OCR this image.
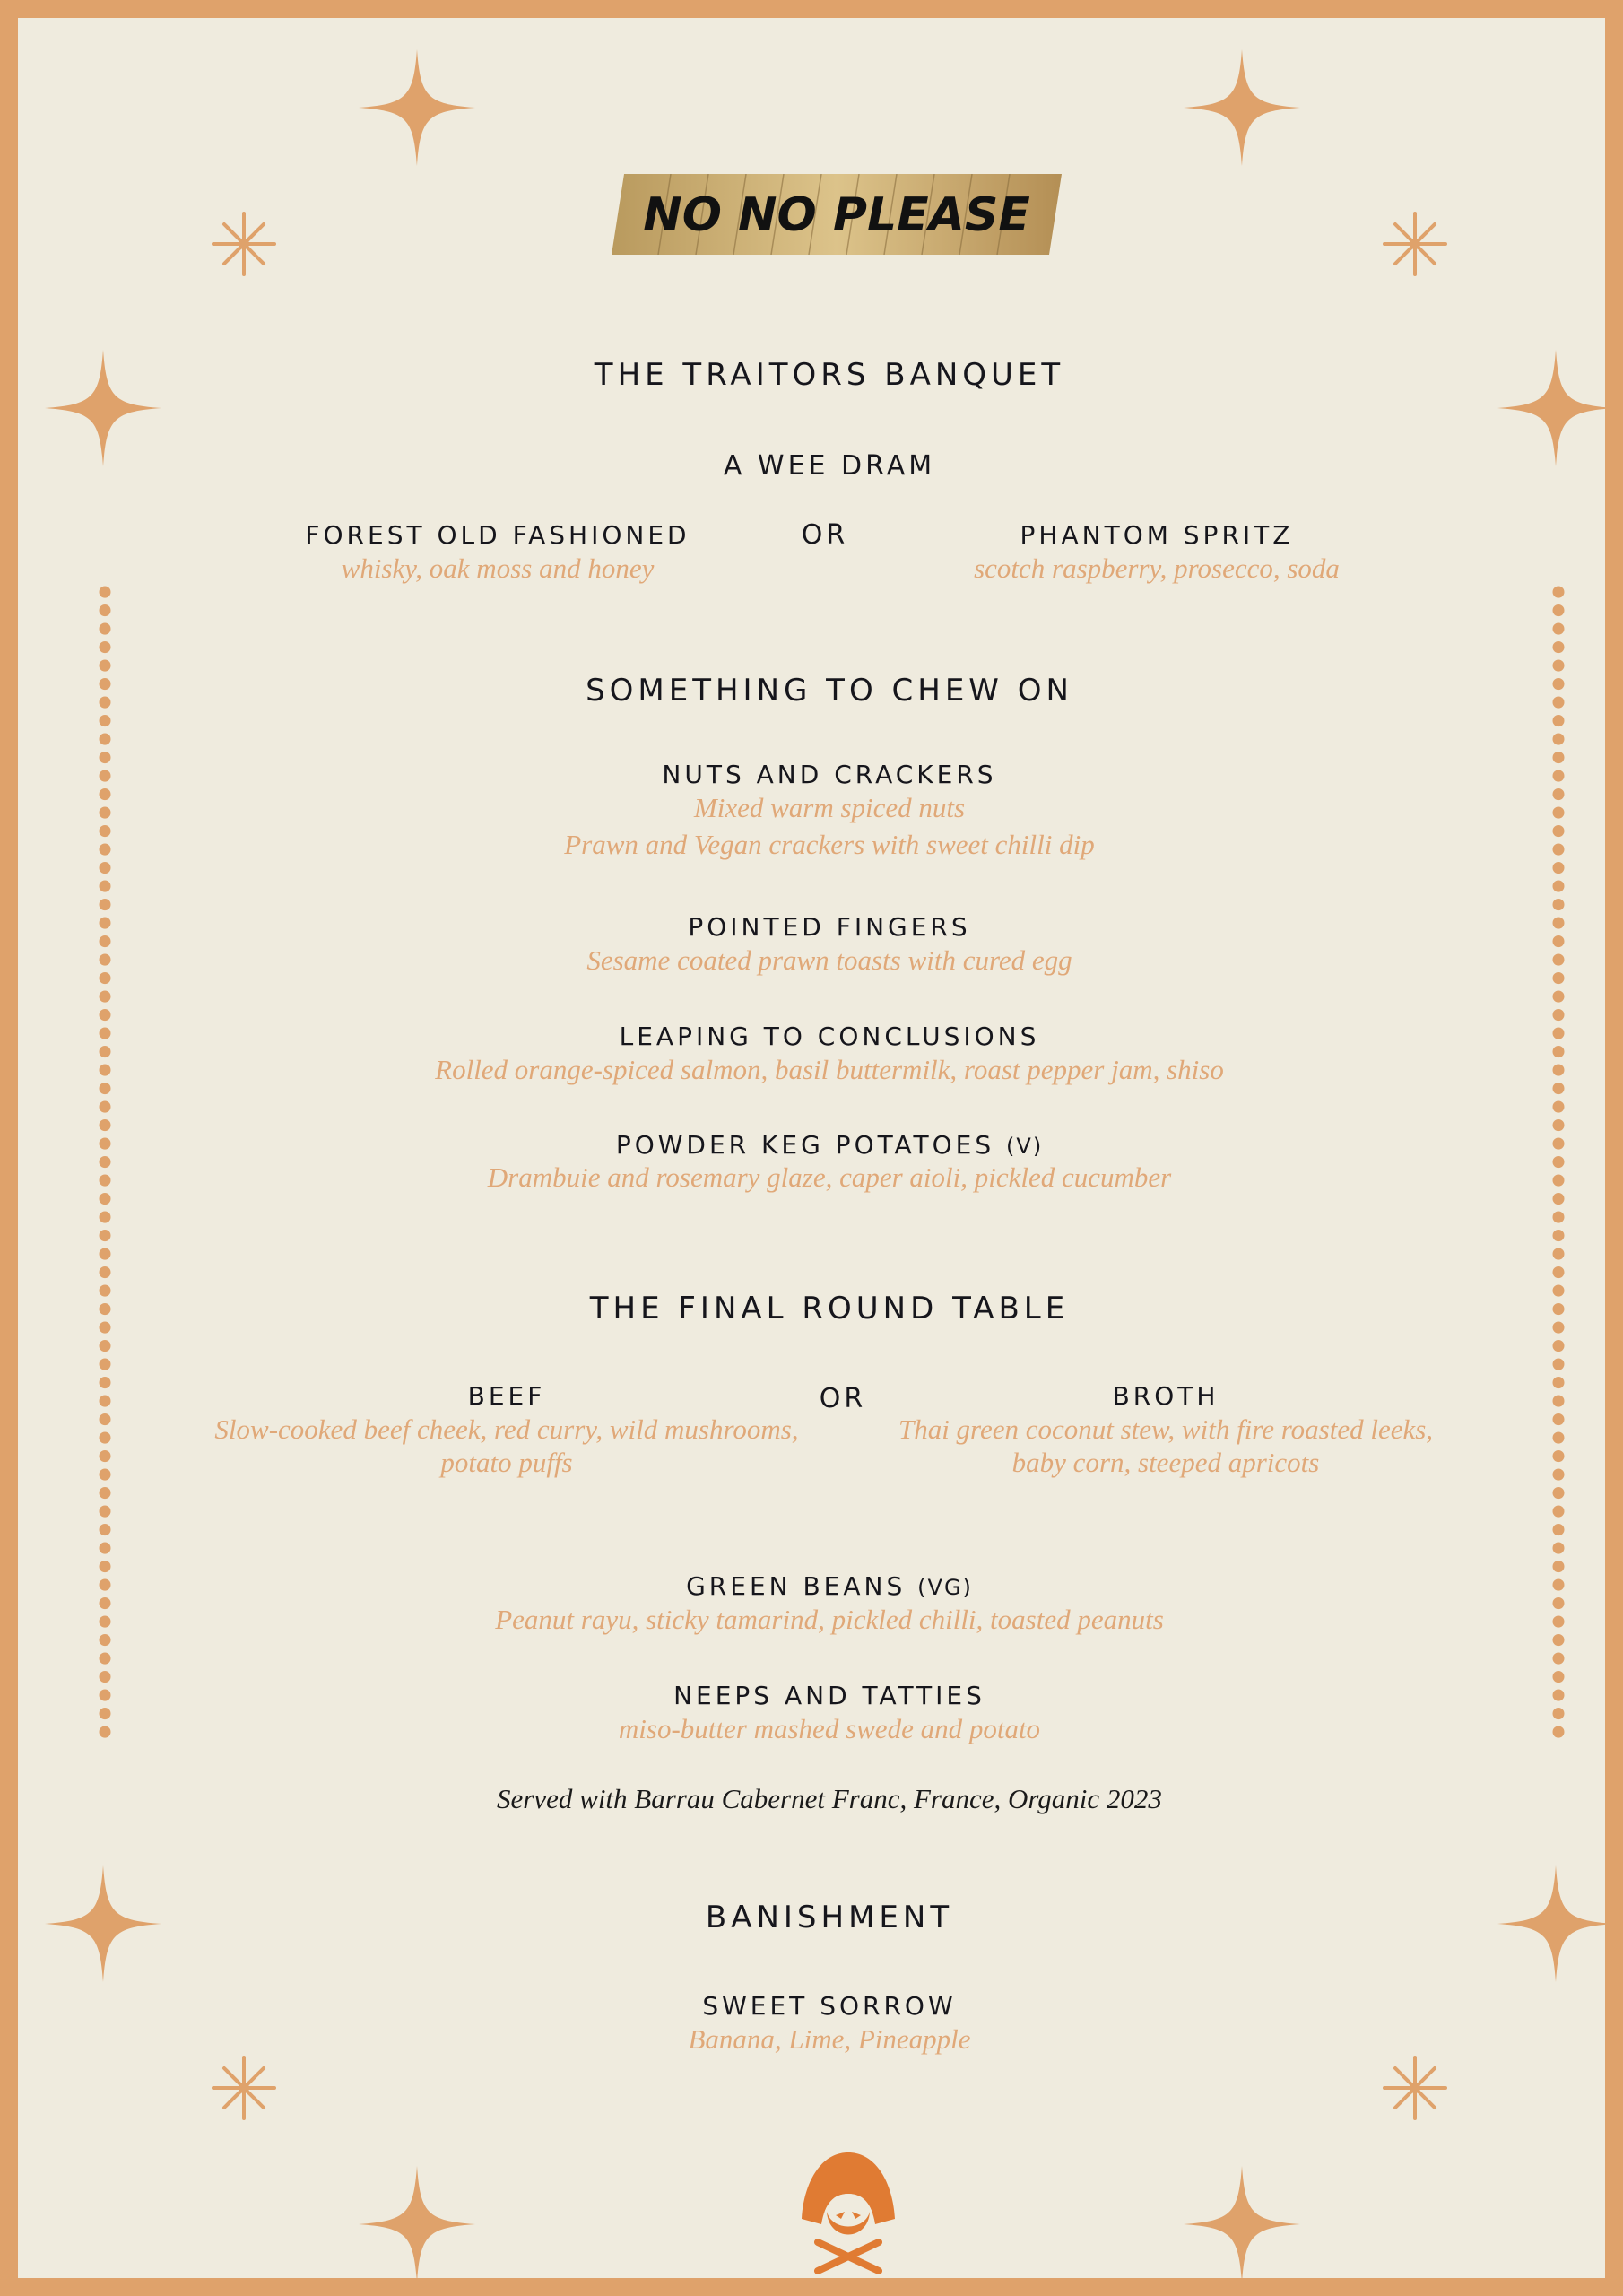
NO NO PLEASE
THE TRAITORS BANQUET
A WEE DRAM
FOREST OLD FASHIONED
whisky, oak moss and honey
OR	PHANTOM SPRITZ
scotch raspberry, prosecco, soda
SOMETHING TO CHEW ON
NUTS AND CRACKERS
Mixed warm spiced nuts
Prawn and Vegan crackers with sweet chilli dip
POINTED FINGERS
Sesame coated prawn toasts with cured egg
LEAPING TO CONCLUSIONS
Rolled orange-spiced salmon, basil buttermilk, roast pepper jam, shiso
POWDER KEG POTATOES (V)
Drambuie and rosemary glaze, caper aioli, pickled cucumber
THE FINAL ROUND TABLE
BEEF
Slow-cooked beef cheek, red curry, wild mushrooms,
potato puffs
OR	BROTH
Thai green coconut stew, with fire roasted leeks,
baby corn, steeped apricots
GREEN BEANS (VG)
Peanut rayu, sticky tamarind, pickled chilli, toasted peanuts
NEEPS AND TATTIES
miso-butter mashed swede and potato
Served with Barrau Cabernet Franc, France, Organic 2023
BANISHMENT
SWEET SORROW
Banana, Lime, Pineapple
